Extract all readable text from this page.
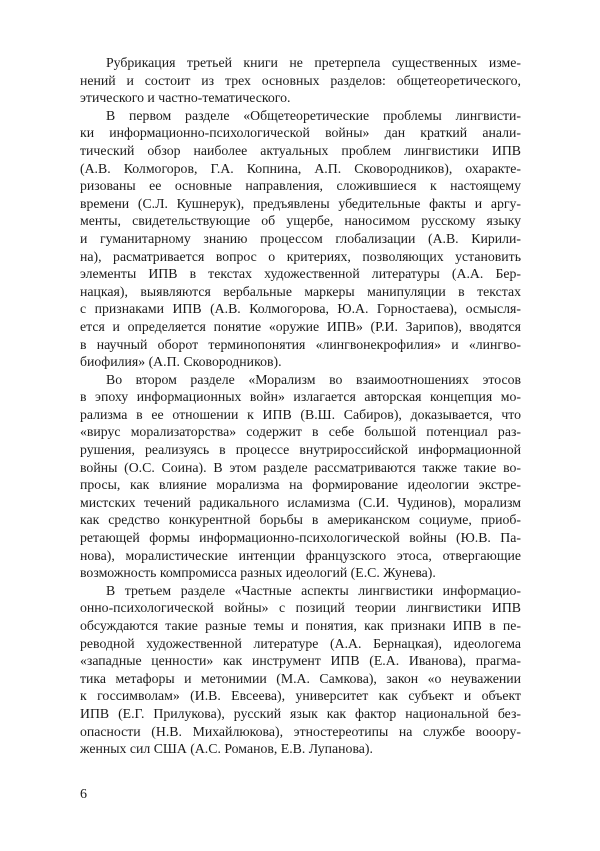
Рубрикация третьей книги не претерпела существенных изме-
нений и состоит из трех основных разделов: общетеоретического,
этического и частно-тематического.
В первом разделе «Общетеоретические проблемы лингвисти-
ки информационно-психологической войны» дан краткий анали-
тический обзор наиболее актуальных проблем лингвистики ИПВ
(А.В. Колмогоров, Г.А. Копнина, А.П. Сковородников), охаракте-
ризованы ее основные направления, сложившиеся к настоящему
времени (С.Л. Кушнерук), предъявлены убедительные факты и аргу-
менты, свидетельствующие об ущербе, наносимом русскому языку
и гуманитарному знанию процессом глобализации (А.В. Кирили-
на), расматривается вопрос о критериях, позволяющих установить
элементы ИПВ в текстах художественной литературы (А.А. Бер-
нацкая), выявляются вербальные маркеры манипуляции в текстах
с признаками ИПВ (А.В. Колмогорова, Ю.А. Горностаева), осмысля-
ется и определяется понятие «оружие ИПВ» (Р.И. Зарипов), вводятся
в научный оборот терминопонятия «лингвонекрофилия» и «лингво-
биофилия» (А.П. Сковородников).
Во втором разделе «Морализм во взаимоотношениях этосов
в эпоху информационных войн» излагается авторская концепция мо-
рализма в ее отношении к ИПВ (В.Ш. Сабиров), доказывается, что
«вирус морализаторства» содержит в себе большой потенциал раз-
рушения, реализуясь в процессе внутрироссийской информационной
войны (О.С. Соина). В этом разделе рассматриваются также такие во-
просы, как влияние морализма на формирование идеологии экстре-
мистских течений радикального исламизма (С.И. Чудинов), морализм
как средство конкурентной борьбы в американском социуме, приоб-
ретающей формы информационно-психологической войны (Ю.В. Па-
нова), моралистические интенции французского этоса, отвергающие
возможность компромисса разных идеологий (Е.С. Жунева).
В третьем разделе «Частные аспекты лингвистики информацио-
онно-психологической войны» с позиций теории лингвистики ИПВ
обсуждаются такие разные темы и понятия, как признаки ИПВ в пе-
реводной художественной литературе (А.А. Бернацкая), идеологема
«западные ценности» как инструмент ИПВ (Е.А. Иванова), прагма-
тика метафоры и метонимии (М.А. Самкова), закон «о неуважении
к госсимволам» (И.В. Евсеева), университет как субъект и объект
ИПВ (Е.Г. Прилукова), русский язык как фактор национальной без-
опасности (Н.В. Михайлюкова), этностереотипы на службе вооору-
женных сил США (А.С. Романов, Е.В. Лупанова).
6
